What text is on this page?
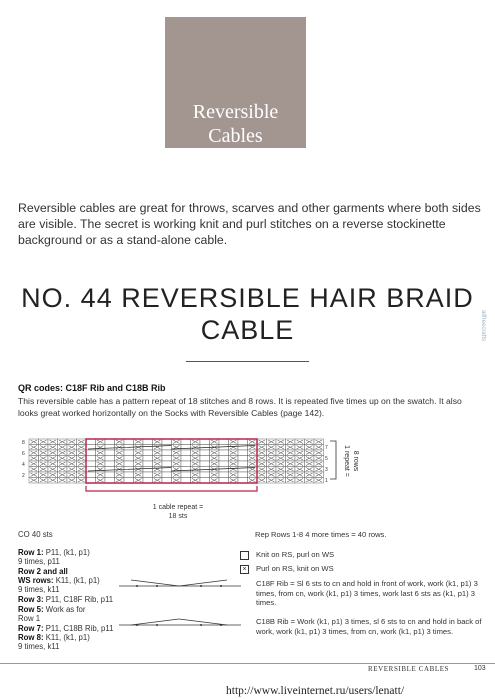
Reversible
Cables
Reversible cables are great for throws, scarves and other garments where both sides are visible. The secret is working knit and purl stitches on a reverse stockinette background or as a stand-alone cable.
NO. 44 REVERSIBLE HAIR BRAID
CABLE	allfreecrafts
QR codes: C18F Rib and C18B Rib
This reversible cable has a pattern repeat of 18 stitches and 8 rows. It is repeated five times up on the swatch. It also looks great worked horizontally on the Socks with Reversible Cables (page 142).
8
6
4
2
7
5
3
1
1 repeat = 8 rows
1 cable repeat =
18 sts
CO 40 sts
Row 1: P11, (k1, p1)
9 times, p11
Row 2 and all
WS rows: K11, (k1, p1)
9 times, k11
Row 3: P11, C18F Rib, p11
Row 5: Work as for
Row 1
Row 7: P11, C18B Rib, p11
Row 8: K11, (k1, p1)
9 times, k11
Rep Rows 1-8 4 more times = 40 rows.
Knit on RS, purl on WS
×	Purl on RS, knit on WS
C18F Rib = Sl 6 sts to cn and hold in front of work, work (k1, p1) 3 times, from cn, work (k1, p1) 3 times, work last 6 sts as (k1, p1) 3 times.
C18B Rib = Work (k1, p1) 3 times, sl 6 sts to cn and hold in back of work, work (k1, p1) 3 times, from cn, work (k1, p1) 3 times.
REVERSIBLE CABLES	103
http://www.liveinternet.ru/users/lenatt/
